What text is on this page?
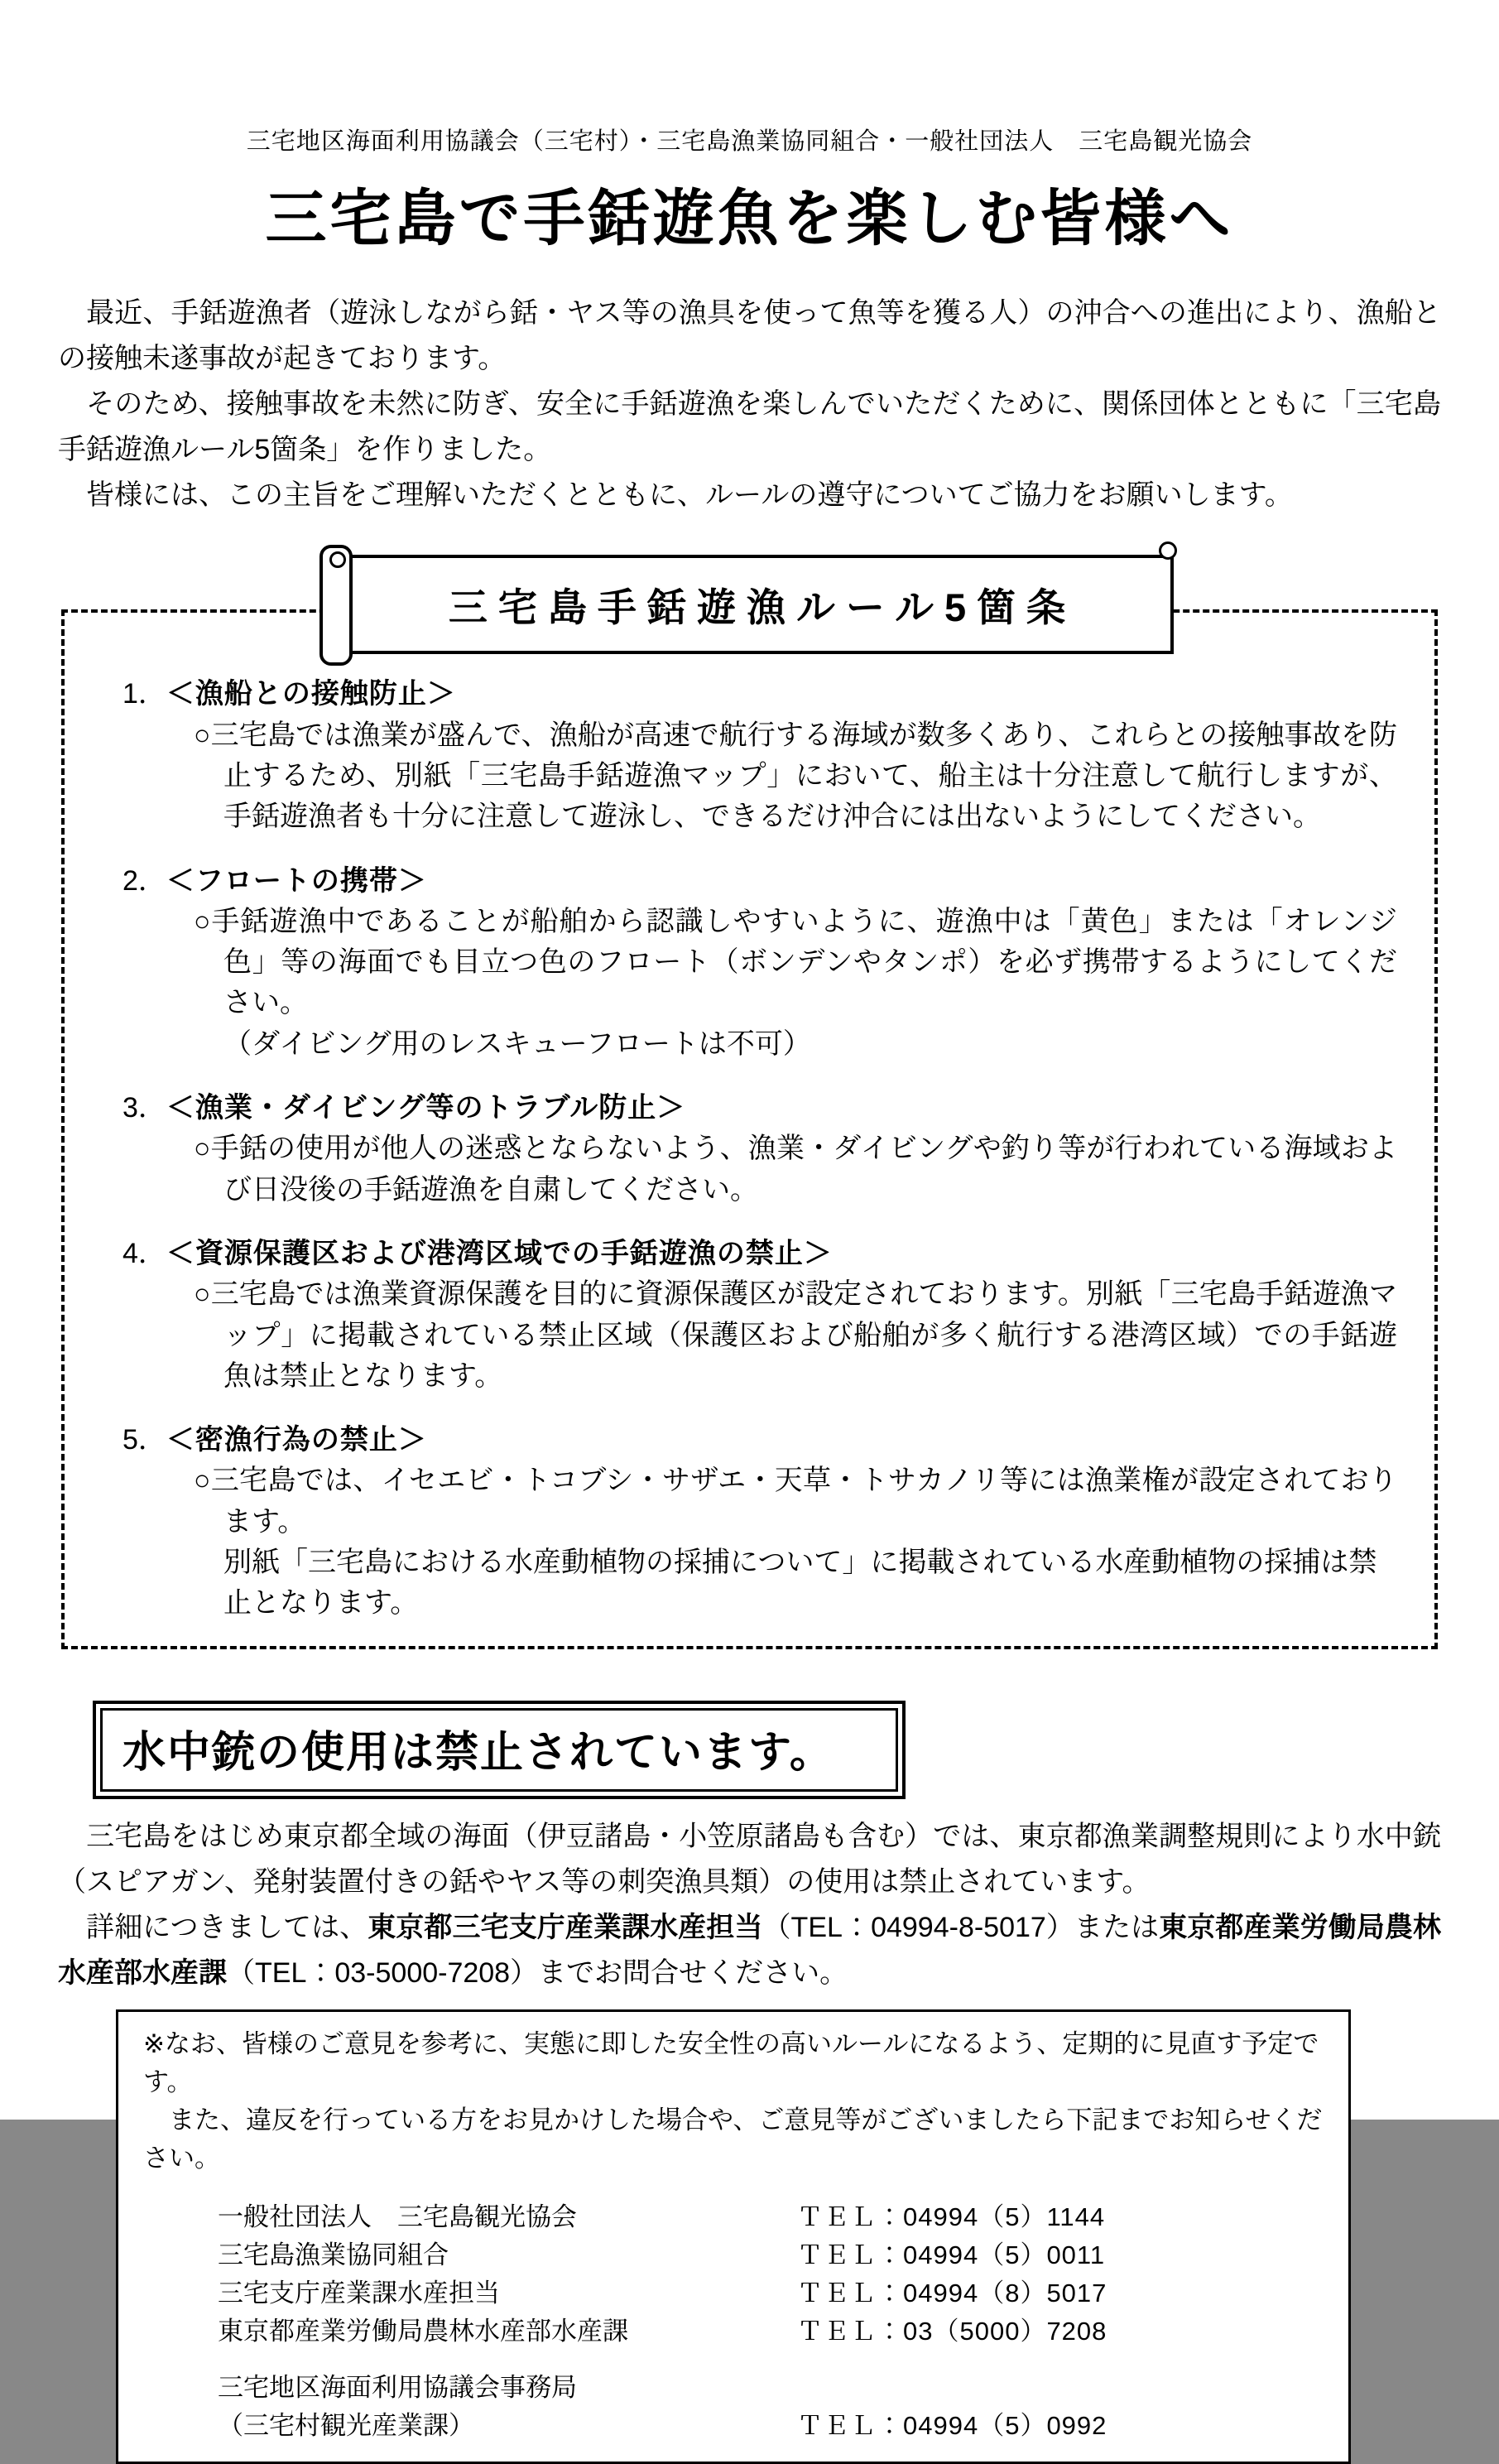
三宅地区海面利用協議会（三宅村）・三宅島漁業協同組合・一般社団法人　三宅島観光協会
三宅島で手銛遊魚を楽しむ皆様へ

　最近、手銛遊漁者（遊泳しながら銛・ヤス等の漁具を使って魚等を獲る人）の沖合への進出により、漁船との接触未遂事故が起きております。

　そのため、接触事故を未然に防ぎ、安全に手銛遊漁を楽しんでいただくために、関係団体とともに「三宅島手銛遊漁ルール5箇条」を作りました。

　皆様には、この主旨をご理解いただくとともに、ルールの遵守についてご協力をお願いします。

三宅島手銛遊漁ルール5箇条
1．＜漁船との接触防止＞
○三宅島では漁業が盛んで、漁船が高速で航行する海域が数多くあり、これらとの接触事故を防止するため、別紙「三宅島手銛遊漁マップ」において、船主は十分注意して航行しますが、手銛遊漁者も十分に注意して遊泳し、できるだけ沖合には出ないようにしてください。
2．＜フロートの携帯＞
○手銛遊漁中であることが船舶から認識しやすいように、遊漁中は「黄色」または「オレンジ色」等の海面でも目立つ色のフロート（ボンデンやタンポ）を必ず携帯するようにしてください。
（ダイビング用のレスキューフロートは不可）
3．＜漁業・ダイビング等のトラブル防止＞
○手銛の使用が他人の迷惑とならないよう、漁業・ダイビングや釣り等が行われている海域および日没後の手銛遊漁を自粛してください。
4．＜資源保護区および港湾区域での手銛遊漁の禁止＞
○三宅島では漁業資源保護を目的に資源保護区が設定されております。別紙「三宅島手銛遊漁マップ」に掲載されている禁止区域（保護区および船舶が多く航行する港湾区域）での手銛遊魚は禁止となります。
5．＜密漁行為の禁止＞
○三宅島では、イセエビ・トコブシ・サザエ・天草・トサカノリ等には漁業権が設定されております。
別紙「三宅島における水産動植物の採捕について」に掲載されている水産動植物の採捕は禁止となります。
水中銃の使用は禁止されています。

　三宅島をはじめ東京都全域の海面（伊豆諸島・小笠原諸島も含む）では、東京都漁業調整規則により水中銃（スピアガン、発射装置付きの銛やヤス等の刺突漁具類）の使用は禁止されています。

　詳細につきましては、東京都三宅支庁産業課水産担当（TEL：04994-8-5017）または東京都産業労働局農林水産部水産課（TEL：03-5000-7208）までお問合せください。

※なお、皆様のご意見を参考に、実態に即した安全性の高いルールになるよう、定期的に見直す予定です。

　また、違反を行っている方をお見かけした場合や、ご意見等がございましたら下記までお知らせください。

一般社団法人　三宅島観光協会	ＴＥＬ：04994（5）1144
三宅島漁業協同組合	ＴＥＬ：04994（5）0011
三宅支庁産業課水産担当	ＴＥＬ：04994（8）5017
東京都産業労働局農林水産部水産課	ＴＥＬ：03（5000）7208
三宅地区海面利用協議会事務局
（三宅村観光産業課）	ＴＥＬ：04994（5）0992
